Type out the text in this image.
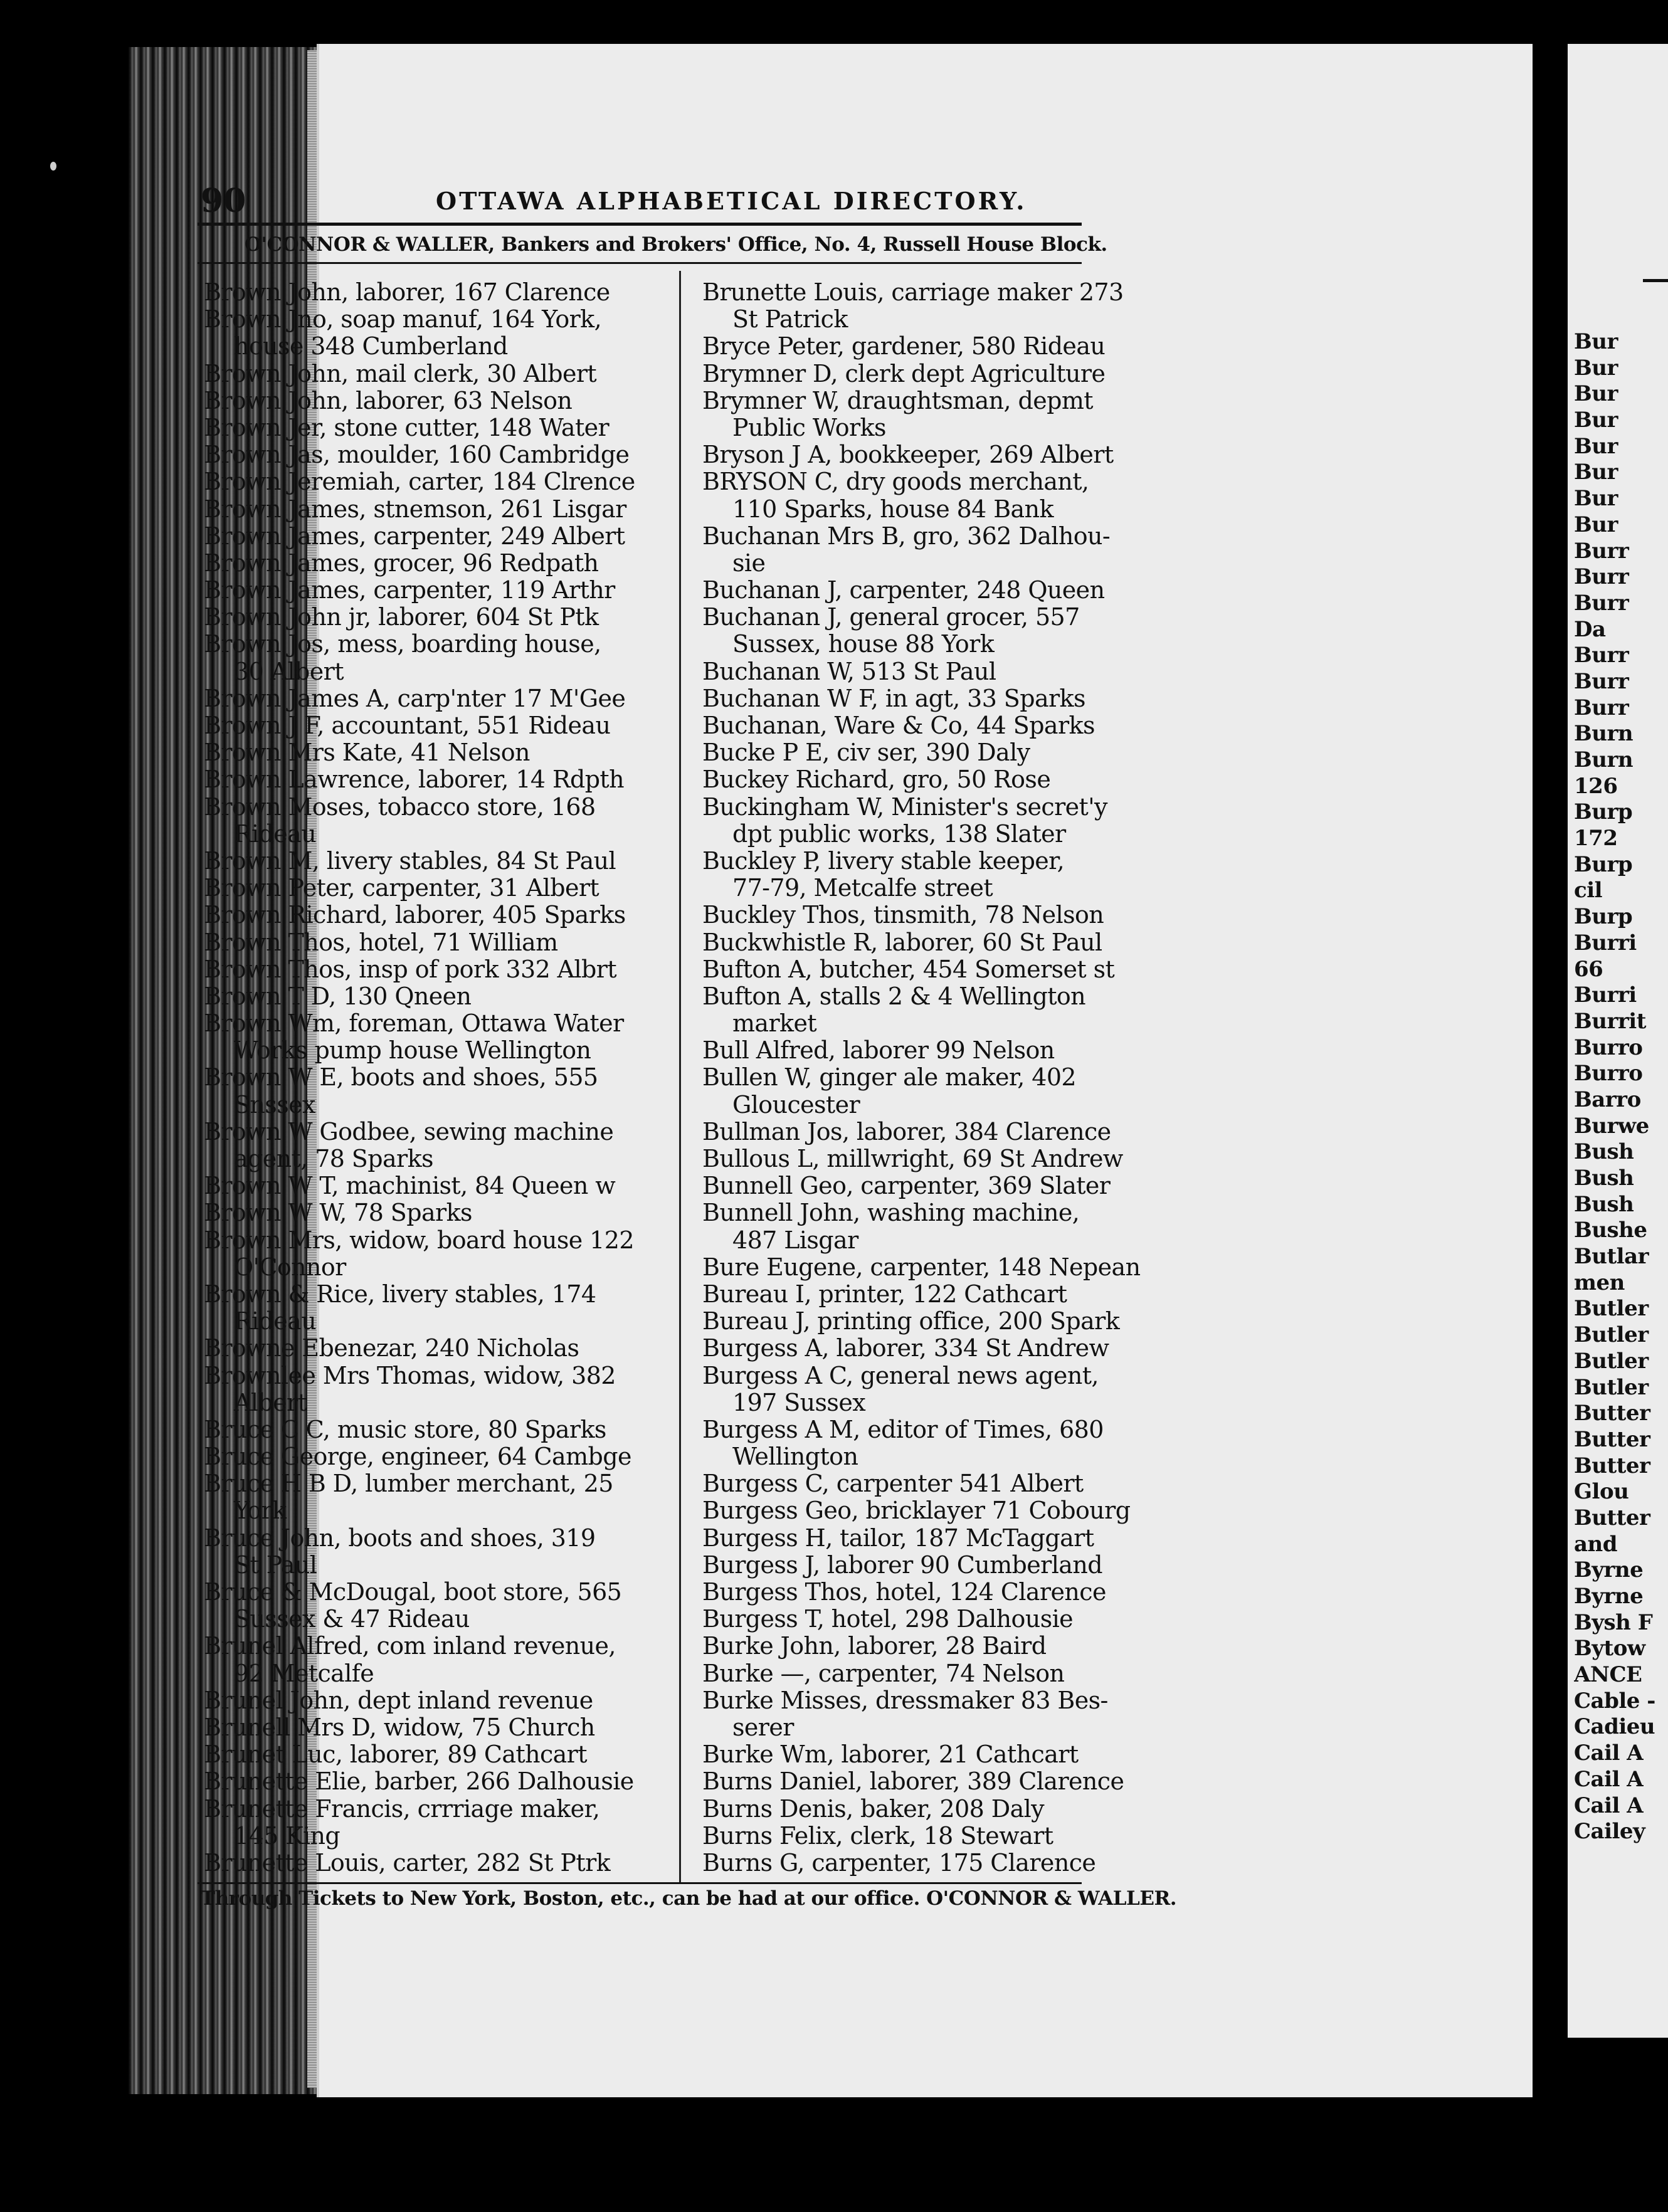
Bur
Bur
Bur
Bur
Bur
Bur
Bur
Bur
Burr
Burr
Burr
Da
Burr
Burr
Burr
Burn
Burn
126
Burp
172
Burp
cil
Burp
Burri
66
Burri
Burrit
Burro
Burro
Barro
Burwe
Bush
Bush
Bush
Bushe
Butlar
men
Butler
Butler
Butler
Butler
Butter
Butter
Butter
Glou
Butter
and
Byrne
Byrne
Bysh F
Bytow
ANCE
Cable -
Cadieu
Cail A
Cail A
Cail A
Cailey
90	OTTAWA ALPHABETICAL DIRECTORY.
O'CONNOR & WALLER, Bankers and Brokers' Office, No. 4, Russell House Block.
Brown John, laborer, 167 Clarence
Brown Jno, soap manuf, 164 York,
house 348 Cumberland
Brown John, mail clerk, 30 Albert
Brown John, laborer, 63 Nelson
Brown Jer, stone cutter, 148 Water
Brown Jas, moulder, 160 Cambridge
Brown Jeremiah, carter, 184 Clrence
Brown James, stnemson, 261 Lisgar
Brown James, carpenter, 249 Albert
Brown James, grocer, 96 Redpath
Brown James, carpenter, 119 Arthr
Brown John jr, laborer, 604 St Ptk
Brown Jos, mess, boarding house,
30 Albert
Brown James A, carp'nter 17 M'Gee
Brown J F, accountant, 551 Rideau
Brown Mrs Kate, 41 Nelson
Brown Lawrence, laborer, 14 Rdpth
Brown Moses, tobacco store, 168
Rideau
Brown M, livery stables, 84 St Paul
Brown Peter, carpenter, 31 Albert
Brown Richard, laborer, 405 Sparks
Brown Thos, hotel, 71 William
Brown Thos, insp of pork 332 Albrt
Brown T D, 130 Qneen
Brown Wm, foreman, Ottawa Water
Works pump house Wellington
Brown W E, boots and shoes, 555
Snssex
Brown W Godbee, sewing machine
agent, 78 Sparks
Brown W T, machinist, 84 Queen w
Brown W W, 78 Sparks
Brown Mrs, widow, board house 122
O'Connor
Brown & Rice, livery stables, 174
Rideau
Browne Ebenezar, 240 Nicholas
Brownlee Mrs Thomas, widow, 382
Albert
Bruce C C, music store, 80 Sparks
Bruce George, engineer, 64 Cambge
Bruce H B D, lumber merchant, 25
York
Bruce John, boots and shoes, 319
St Paul
Bruce & McDougal, boot store, 565
Sussex & 47 Rideau
Brunel Alfred, com inland revenue,
92 Metcalfe
Brunel John, dept inland revenue
Brunell Mrs D, widow, 75 Church
Brunet Luc, laborer, 89 Cathcart
Brunette Elie, barber, 266 Dalhousie
Brunette Francis, crrriage maker,
145 King
Brunette Louis, carter, 282 St Ptrk
Brunette Louis, carriage maker 273
St Patrick
Bryce Peter, gardener, 580 Rideau
Brymner D, clerk dept Agriculture
Brymner W, draughtsman, depmt
Public Works
Bryson J A, bookkeeper, 269 Albert
BRYSON C, dry goods merchant,
110 Sparks, house 84 Bank
Buchanan Mrs B, gro, 362 Dalhou-
sie
Buchanan J, carpenter, 248 Queen
Buchanan J, general grocer, 557
Sussex, house 88 York
Buchanan W, 513 St Paul
Buchanan W F, in agt, 33 Sparks
Buchanan, Ware & Co, 44 Sparks
Bucke P E, civ ser, 390 Daly
Buckey Richard, gro, 50 Rose
Buckingham W, Minister's secret'y
dpt public works, 138 Slater
Buckley P, livery stable keeper,
77-79, Metcalfe street
Buckley Thos, tinsmith, 78 Nelson
Buckwhistle R, laborer, 60 St Paul
Bufton A, butcher, 454 Somerset st
Bufton A, stalls 2 & 4 Wellington
market
Bull Alfred, laborer 99 Nelson
Bullen W, ginger ale maker, 402
Gloucester
Bullman Jos, laborer, 384 Clarence
Bullous L, millwright, 69 St Andrew
Bunnell Geo, carpenter, 369 Slater
Bunnell John, washing machine,
487 Lisgar
Bure Eugene, carpenter, 148 Nepean
Bureau I, printer, 122 Cathcart
Bureau J, printing office, 200 Spark
Burgess A, laborer, 334 St Andrew
Burgess A C, general news agent,
197 Sussex
Burgess A M, editor of Times, 680
Wellington
Burgess C, carpenter 541 Albert
Burgess Geo, bricklayer 71 Cobourg
Burgess H, tailor, 187 McTaggart
Burgess J, laborer 90 Cumberland
Burgess Thos, hotel, 124 Clarence
Burgess T, hotel, 298 Dalhousie
Burke John, laborer, 28 Baird
Burke —, carpenter, 74 Nelson
Burke Misses, dressmaker 83 Bes-
serer
Burke Wm, laborer, 21 Cathcart
Burns Daniel, laborer, 389 Clarence
Burns Denis, baker, 208 Daly
Burns Felix, clerk, 18 Stewart
Burns G, carpenter, 175 Clarence
Through Tickets to New York, Boston, etc., can be had at our office. O'CONNOR & WALLER.
